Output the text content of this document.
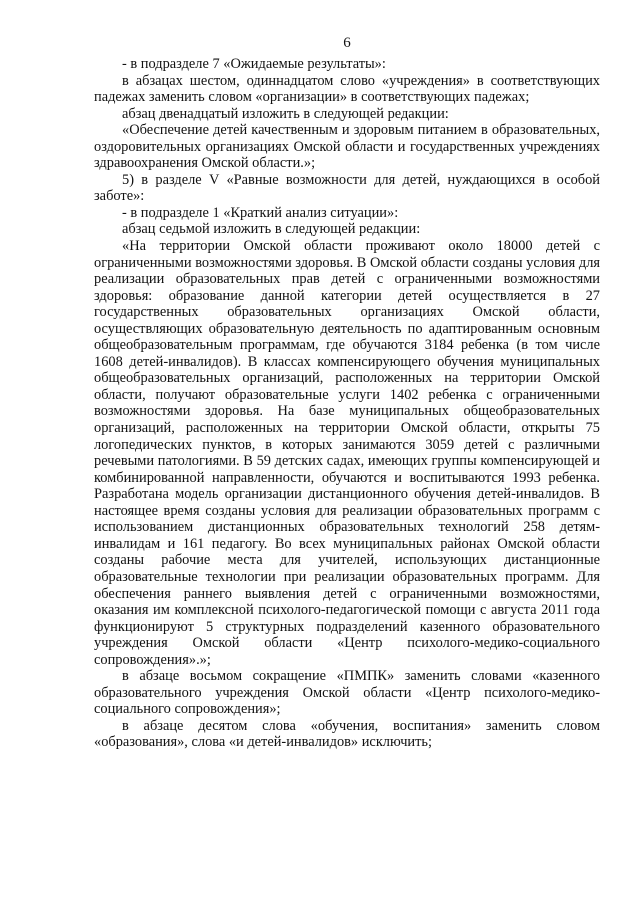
6

- в подразделе 7 «Ожидаемые результаты»:

в абзацах шестом, одиннадцатом слово «учреждения» в соответствующих падежах заменить словом «организации» в соответствующих падежах;

абзац двенадцатый изложить в следующей редакции:

«Обеспечение детей качественным и здоровым питанием в образовательных, оздоровительных организациях Омской области и государственных учреждениях здравоохранения Омской области.»;

5) в разделе V «Равные возможности для детей, нуждающихся в особой заботе»:

- в подразделе 1 «Краткий анализ ситуации»:

абзац седьмой изложить в следующей редакции:

«На территории Омской области проживают около 18000 детей с ограниченными возможностями здоровья. В Омской области созданы условия для реализации образовательных прав детей с ограниченными возможностями здоровья: образование данной категории детей осуществляется в 27 государственных образовательных организациях Омской области, осуществляющих образовательную деятельность по адаптированным основным общеобразовательным программам, где обучаются 3184 ребенка (в том числе 1608 детей-инвалидов). В классах компенсирующего обучения муниципальных общеобразовательных организаций, расположенных на территории Омской области, получают образовательные услуги 1402 ребенка с ограниченными возможностями здоровья. На базе муниципальных общеобразовательных организаций, расположенных на территории Омской области, открыты 75 логопедических пунктов, в которых занимаются 3059 детей с различными речевыми патологиями. В 59 детских садах, имеющих группы компенсирующей и комбинированной направленности, обучаются и воспитываются 1993 ребенка. Разработана модель организации дистанционного обучения детей-инвалидов. В настоящее время созданы условия для реализации образовательных программ с использованием дистанционных образовательных технологий 258 детям-инвалидам и 161 педагогу. Во всех муниципальных районах Омской области созданы рабочие места для учителей, использующих дистанционные образовательные технологии при реализации образовательных программ. Для обеспечения раннего выявления детей с ограниченными возможностями, оказания им комплексной психолого-педагогической помощи с августа 2011 года функционируют 5 структурных подразделений казенного образовательного учреждения Омской области «Центр психолого-медико-социального сопровождения».»;

в абзаце восьмом сокращение «ПМПК» заменить словами «казенного образовательного учреждения Омской области «Центр психолого-медико-социального сопровождения»;

в абзаце десятом слова «обучения, воспитания» заменить словом «образования», слова «и детей-инвалидов» исключить;
